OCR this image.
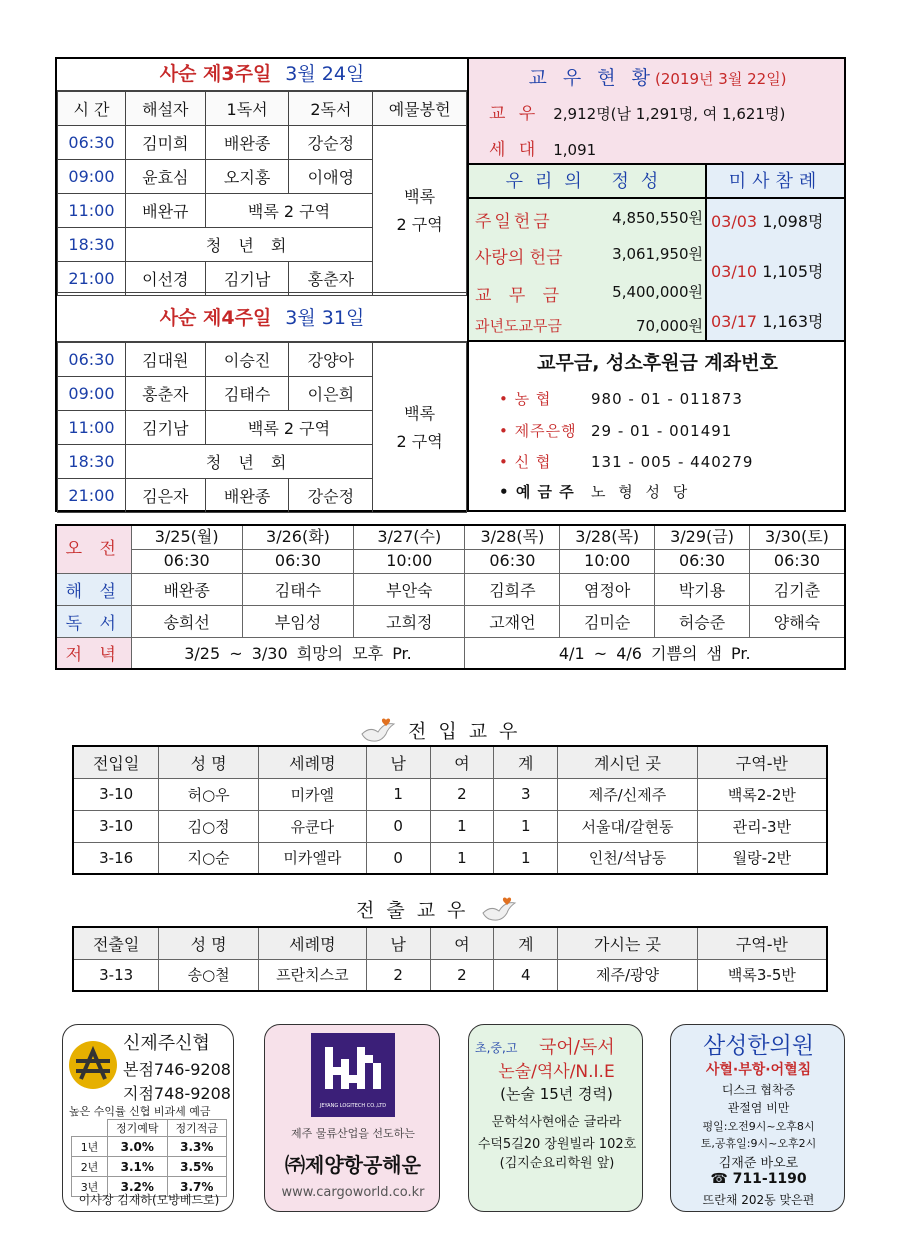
사순 제3주일 3월 24일
시 간	해설자	1독서	2독서	예물봉헌
06:30	김미희	배완종	강순정	백록
2 구역

09:00	윤효심	오지홍	이애영	
11:00	배완규	백록 2 구역		
18:30	청 년 회			
21:00	이선경	김기남	홍춘자	
사순 제4주일 3월 31일
06:30	김대원	이승진	강양아	백록
2 구역

09:00	홍춘자	김태수	이은희	
11:00	김기남	백록 2 구역		
18:30	청 년 회			
21:00	김은자	배완종	강순정	
교 우 현 황(2019년 3월 22일)
교 우 2,912명(남 1,291명, 여 1,621명)
세 대 1,091
우리의 정성
주일헌금	4,850,550원
사랑의 헌금	3,061,950원
교 무 금	5,400,000원
과년도교무금	70,000원
미사참례
03/03 1,098명
03/10 1,105명
03/17 1,163명
교무금, 성소후원금 계좌번호
• 농 협	980 - 01 - 011873
• 제주은행 29 - 01 - 001491
• 신 협	131 - 005 - 440279
• 예 금 주 노 형 성 당
오 전	3/25(월)	3/26(화)	3/27(수)	3/28(목)	3/28(목)	3/29(금)	3/30(토)
	06:30	06:30	10:00	06:30	10:00	06:30	06:30
해 설	배완종	김태수	부안숙	김희주	염정아	박기용	김기춘
독 서	송희선	부임성	고희정	고재언	김미순	허승준	양해숙
저 녁	3/25 ~ 3/30 희망의 모후 Pr.			4/1 ~ 4/6 기쁨의 샘 Pr.			
전입교우
전입일	성 명	세례명	남	여	계	계시던 곳	구역-반
3-10	허○우	미카엘	1	2	3	제주/신제주	백록2-2반
3-10	김○정	유쿤다	0	1	1	서울대/갈현동	관리-3반
3-16	지○순	미카엘라	0	1	1	인천/석남동	월랑-2반
전출교우
전출일	성 명	세례명	남	여	계	가시는 곳	구역-반
3-13	송○철	프란치스코	2	2	4	제주/광양	백록3-5반
신제주신협
본점746-9208
지점748-9208
높은 수익률 신협 비과세 예금
	정기예탁	정기적금
1년	3.0%	3.3%
2년	3.1%	3.5%
3년	3.2%	3.7%
이사장 김재하(모방베드로)
JEYANG LOGITECH CO.,LTD
제주 물류산업을 선도하는
㈜제양항공해운
www.cargoworld.co.kr
초,중,고 국어/독서
논술/역사/N.I.E
(논술 15년 경력)
문학석사현애순 글라라
수덕5길20 장원빌라 102호(김지순요리학원 앞)
삼성한의원
사혈·부항·어혈침
디스크 협착증
관절염 비만
평일:오전9시~오후8시
토,공휴일:9시~오후2시
김재준 바오로
☎ 711-1190
뜨란채 202동 맞은편
